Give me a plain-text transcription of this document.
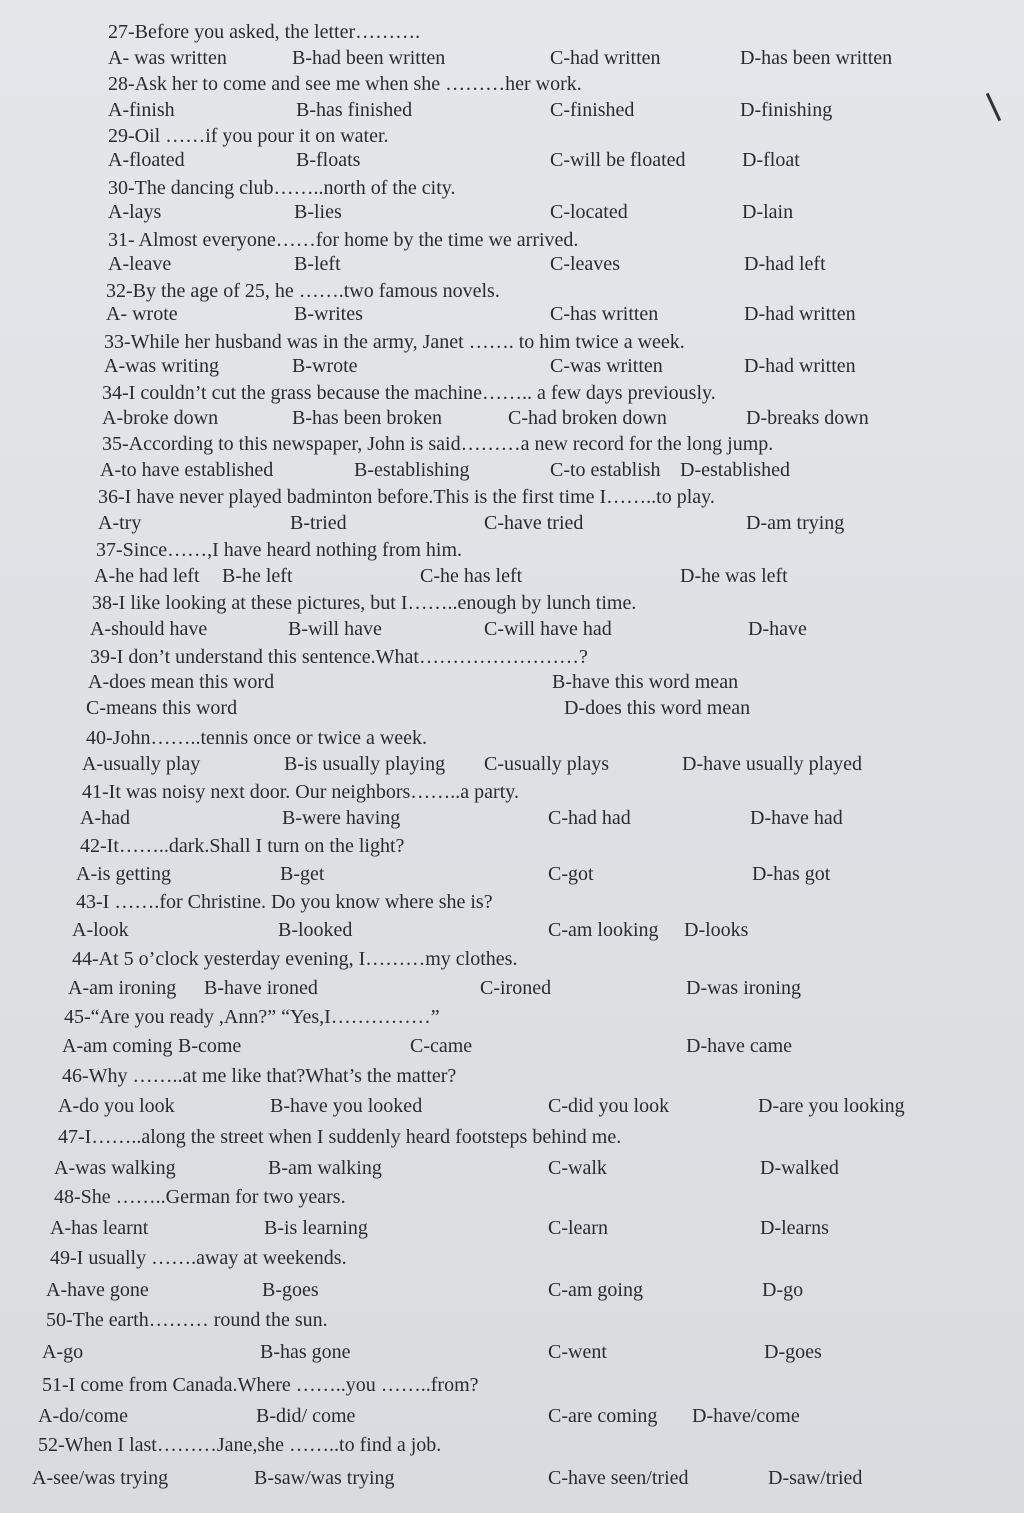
27-Before you asked, the letter……….
A- was written	B-had been written	C-had written	D-has been written
28-Ask her to come and see me when she ………her work.
A-finish	B-has finished	C-finished	D-finishing
29-Oil ……if you pour it on water.
A-floated	B-floats	C-will be floated	D-float
30-The dancing club……..north of the city.
A-lays	B-lies	C-located	D-lain
31- Almost everyone……for home by the time we arrived.
A-leave	B-left	C-leaves	D-had left
32-By the age of 25, he …….two famous novels.
A- wrote	B-writes	C-has written	D-had written
33-While her husband was in the army, Janet ……. to him twice a week.
A-was writing	B-wrote	C-was written	D-had written
34-I couldn’t cut the grass because the machine…….. a few days previously.
A-broke down	B-has been broken	C-had broken down	D-breaks down
35-According to this newspaper, John is said………a new record for the long jump.
A-to have established	B-establishing	C-to establish D-established
36-I have never played badminton before.This is the first time I……..to play.
A-try	B-tried	C-have tried	D-am trying
37-Since……,I have heard nothing from him.
A-he had left B-he left	C-he has left	D-he was left
38-I like looking at these pictures, but I……..enough by lunch time.
A-should have	B-will have	C-will have had	D-have
39-I don’t understand this sentence.What……………………?
A-does mean this word	B-have this word mean
C-means this word	D-does this word mean
40-John……..tennis once or twice a week.
A-usually play	B-is usually playing C-usually plays	D-have usually played
41-It was noisy next door. Our neighbors……..a party.
A-had	B-were having	C-had had	D-have had
42-It……..dark.Shall I turn on the light?
A-is getting	B-get	C-got	D-has got
43-I …….for Christine. Do you know where she is?
A-look	B-looked	C-am looking D-looks
44-At 5 o’clock yesterday evening, I………my clothes.
A-am ironing B-have ironed	C-ironed	D-was ironing
45-“Are you ready ,Ann?” “Yes,I……………”
A-am coming B-come	C-came	D-have came
46-Why ……..at me like that?What’s the matter?
A-do you look	B-have you looked	C-did you look	D-are you looking
47-I……..along the street when I suddenly heard footsteps behind me.
A-was walking	B-am walking	C-walk	D-walked
48-She ……..German for two years.
A-has learnt	B-is learning	C-learn	D-learns
49-I usually …….away at weekends.
A-have gone	B-goes	C-am going	D-go
50-The earth……… round the sun.
A-go	B-has gone	C-went	D-goes
51-I come from Canada.Where ……..you ……..from?
A-do/come	B-did/ come	C-are coming D-have/come
52-When I last………Jane,she ……..to find a job.
A-see/was trying	B-saw/was trying	C-have seen/tried	D-saw/tried
